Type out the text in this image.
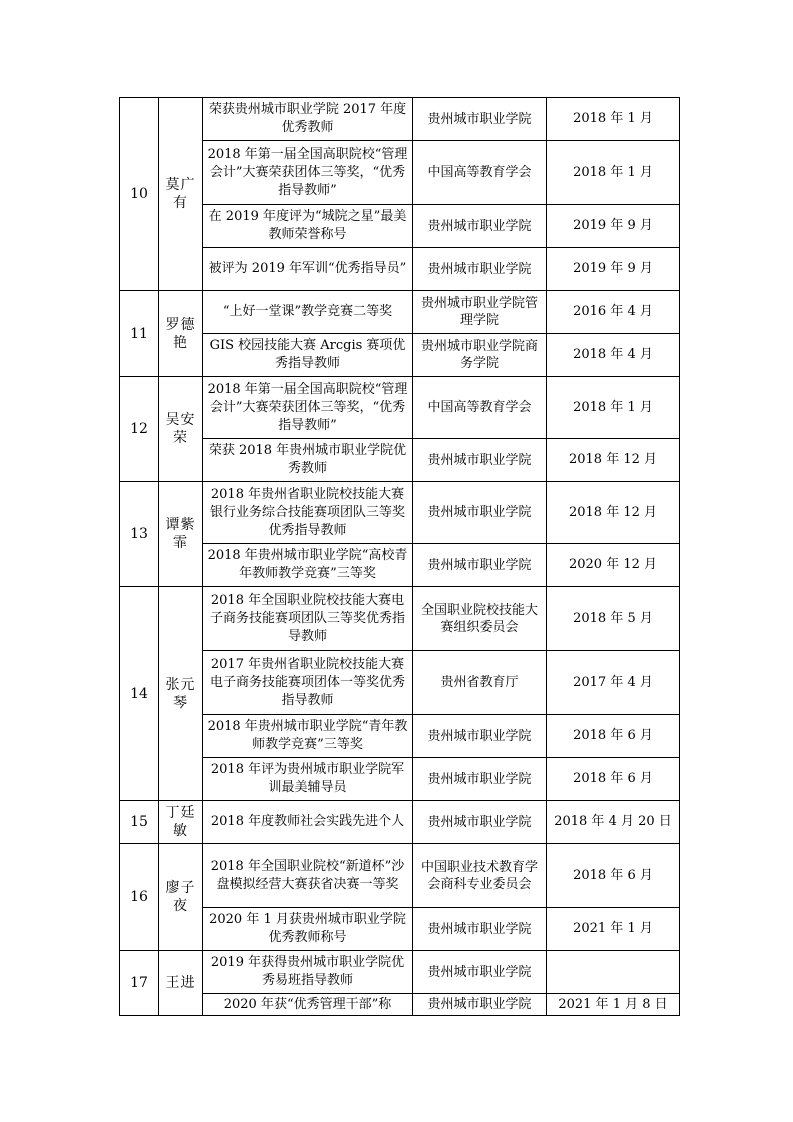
10	莫广有	荣获贵州城市职业学院 2017 年度优秀教师	贵州城市职业学院	2018 年 1 月
		2018 年第一届全国高职院校“管理会计”大赛荣获团体三等奖，“优秀指导教师”	中国高等教育学会	2018 年 1 月
		在 2019 年度评为“城院之星”最美教师荣誉称号	贵州城市职业学院	2019 年 9 月
		被评为 2019 年军训“优秀指导员”	贵州城市职业学院	2019 年 9 月
11	罗德艳	“上好一堂课”教学竞赛二等奖	贵州城市职业学院管理学院	2016 年 4 月
		GIS 校园技能大赛 Arcgis 赛项优秀指导教师	贵州城市职业学院商务学院	2018 年 4 月
12	吴安荣	2018 年第一届全国高职院校“管理会计”大赛荣获团体三等奖，“优秀指导教师”	中国高等教育学会	2018 年 1 月
		荣获 2018 年贵州城市职业学院优秀教师	贵州城市职业学院	2018 年 12 月
13	谭紫霏	2018 年贵州省职业院校技能大赛银行业务综合技能赛项团队三等奖优秀指导教师	贵州城市职业学院	2018 年 12 月
		2018 年贵州城市职业学院“高校青年教师教学竞赛”三等奖	贵州城市职业学院	2020 年 12 月
14	张元琴	2018 年全国职业院校技能大赛电子商务技能赛项团队三等奖优秀指导教师	全国职业院校技能大赛组织委员会	2018 年 5 月
		2017 年贵州省职业院校技能大赛电子商务技能赛项团体一等奖优秀指导教师	贵州省教育厅	2017 年 4 月
		2018 年贵州城市职业学院“青年教师教学竞赛”三等奖	贵州城市职业学院	2018 年 6 月
		2018 年评为贵州城市职业学院军训最美辅导员	贵州城市职业学院	2018 年 6 月
15	丁廷敏	2018 年度教师社会实践先进个人	贵州城市职业学院	2018 年 4 月 20 日
16	廖子夜	2018 年全国职业院校“新道杯”沙盘模拟经营大赛获省决赛一等奖	中国职业技术教育学会商科专业委员会	2018 年 6 月
		2020 年 1 月获贵州城市职业学院优秀教师称号	贵州城市职业学院	2021 年 1 月
17	王进	2019 年获得贵州城市职业学院优秀易班指导教师	贵州城市职业学院	
		2020 年获“优秀管理干部”称	贵州城市职业学院	2021 年 1 月 8 日
